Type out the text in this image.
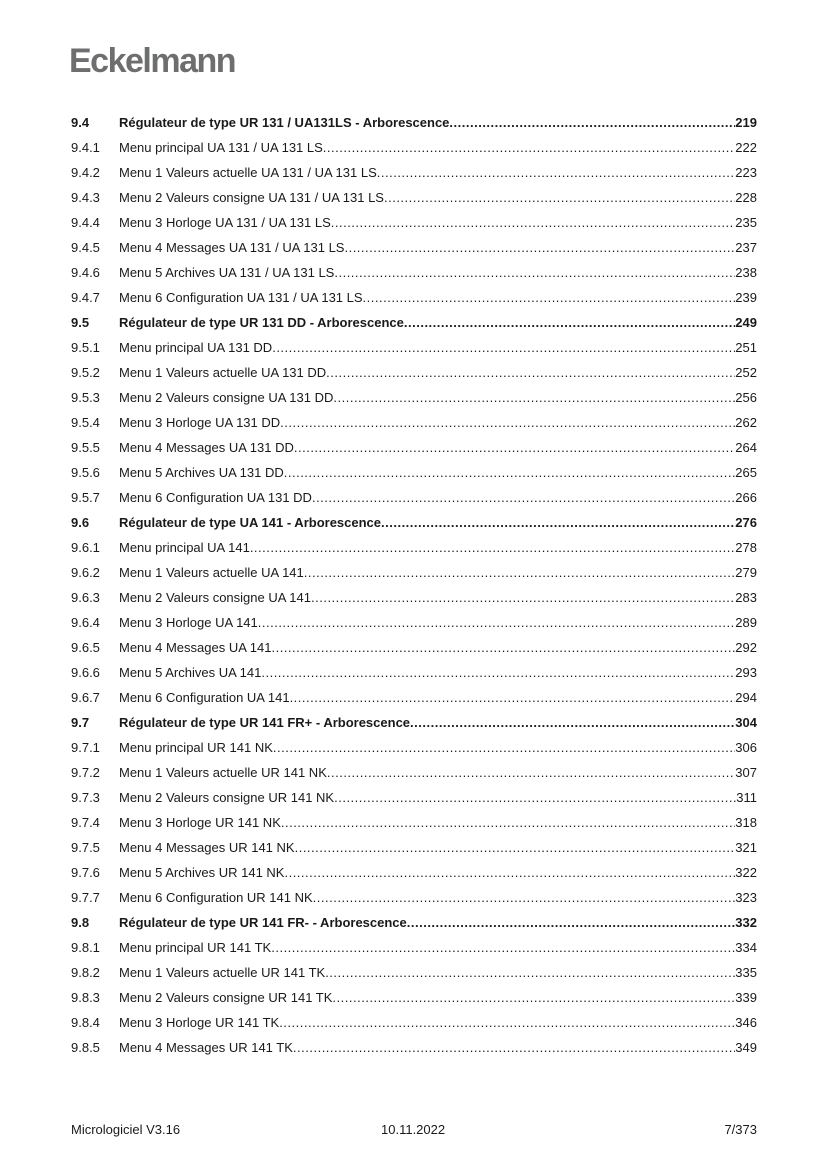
Eckelmann
9.4	Régulateur de type UR 131 / UA131LS - Arborescence .....	219
9.4.1	Menu principal UA 131 / UA 131 LS .....	222
9.4.2	Menu 1 Valeurs actuelle UA 131 / UA 131 LS .....	223
9.4.3	Menu 2 Valeurs consigne UA 131 / UA 131 LS .....	228
9.4.4	Menu 3 Horloge UA 131 / UA 131 LS .....	235
9.4.5	Menu 4 Messages UA 131 / UA 131 LS .....	237
9.4.6	Menu 5 Archives UA 131 / UA 131 LS .....	238
9.4.7	Menu 6 Configuration UA 131 / UA 131 LS .....	239
9.5	Régulateur de type UR 131 DD - Arborescence .....	249
9.5.1	Menu principal UA 131 DD .....	251
9.5.2	Menu 1 Valeurs actuelle UA 131 DD .....	252
9.5.3	Menu 2 Valeurs consigne UA 131 DD .....	256
9.5.4	Menu 3 Horloge UA 131 DD .....	262
9.5.5	Menu 4 Messages UA 131 DD .....	264
9.5.6	Menu 5 Archives UA 131 DD .....	265
9.5.7	Menu 6 Configuration UA 131 DD .....	266
9.6	Régulateur de type UA 141 - Arborescence .....	276
9.6.1	Menu principal UA 141 .....	278
9.6.2	Menu 1 Valeurs actuelle UA 141 .....	279
9.6.3	Menu 2 Valeurs consigne UA 141 .....	283
9.6.4	Menu 3 Horloge UA 141 .....	289
9.6.5	Menu 4 Messages UA 141 .....	292
9.6.6	Menu 5 Archives UA 141 .....	293
9.6.7	Menu 6 Configuration UA 141 .....	294
9.7	Régulateur de type UR 141 FR+ - Arborescence .....	304
9.7.1	Menu principal UR 141 NK .....	306
9.7.2	Menu 1 Valeurs actuelle UR 141 NK .....	307
9.7.3	Menu 2 Valeurs consigne UR 141 NK .....	311
9.7.4	Menu 3 Horloge UR 141 NK .....	318
9.7.5	Menu 4 Messages UR 141 NK .....	321
9.7.6	Menu 5 Archives UR 141 NK .....	322
9.7.7	Menu 6 Configuration UR 141 NK .....	323
9.8	Régulateur de type UR 141 FR- - Arborescence .....	332
9.8.1	Menu principal UR 141 TK .....	334
9.8.2	Menu 1 Valeurs actuelle UR 141 TK .....	335
9.8.3	Menu 2 Valeurs consigne UR 141 TK .....	339
9.8.4	Menu 3 Horloge UR 141 TK .....	346
9.8.5	Menu 4 Messages UR 141 TK .....	349
Micrologiciel V3.16	10.11.2022	7/373
